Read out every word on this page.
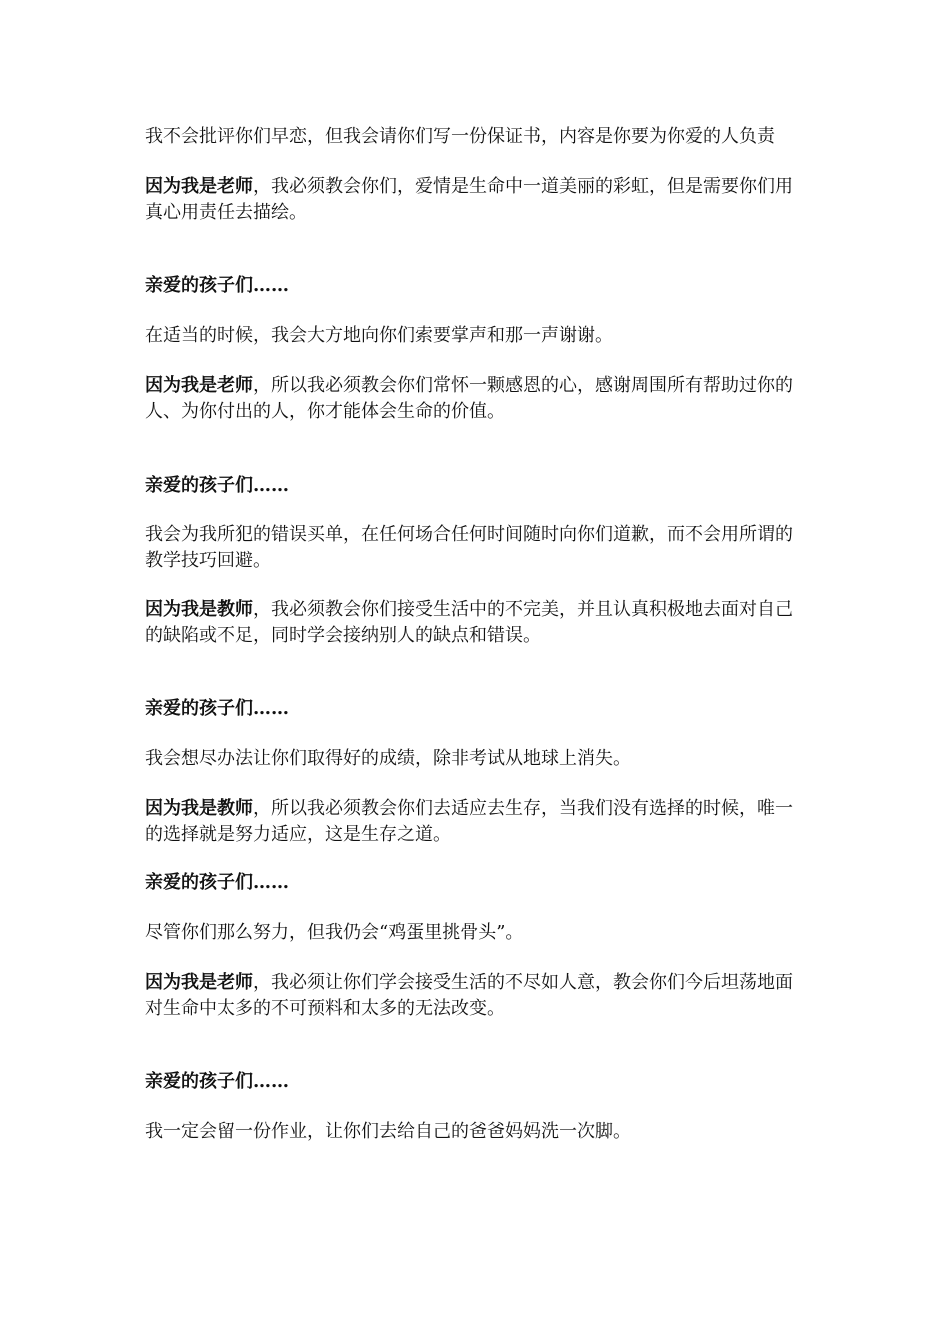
我不会批评你们早恋，但我会请你们写一份保证书，内容是你要为你爱的人负责

因为我是老师，我必须教会你们，爱情是生命中一道美丽的彩虹，但是需要你们用真心用责任去描绘。

亲爱的孩子们……

在适当的时候，我会大方地向你们索要掌声和那一声谢谢。

因为我是老师，所以我必须教会你们常怀一颗感恩的心，感谢周围所有帮助过你的人、为你付出的人，你才能体会生命的价值。

亲爱的孩子们……

我会为我所犯的错误买单，在任何场合任何时间随时向你们道歉，而不会用所谓的教学技巧回避。

因为我是教师，我必须教会你们接受生活中的不完美，并且认真积极地去面对自己的缺陷或不足，同时学会接纳别人的缺点和错误。

亲爱的孩子们……

我会想尽办法让你们取得好的成绩，除非考试从地球上消失。

因为我是教师，所以我必须教会你们去适应去生存，当我们没有选择的时候，唯一的选择就是努力适应，这是生存之道。

亲爱的孩子们……

尽管你们那么努力，但我仍会“鸡蛋里挑骨头”。

因为我是老师，我必须让你们学会接受生活的不尽如人意，教会你们今后坦荡地面对生命中太多的不可预料和太多的无法改变。

亲爱的孩子们……

我一定会留一份作业，让你们去给自己的爸爸妈妈洗一次脚。
